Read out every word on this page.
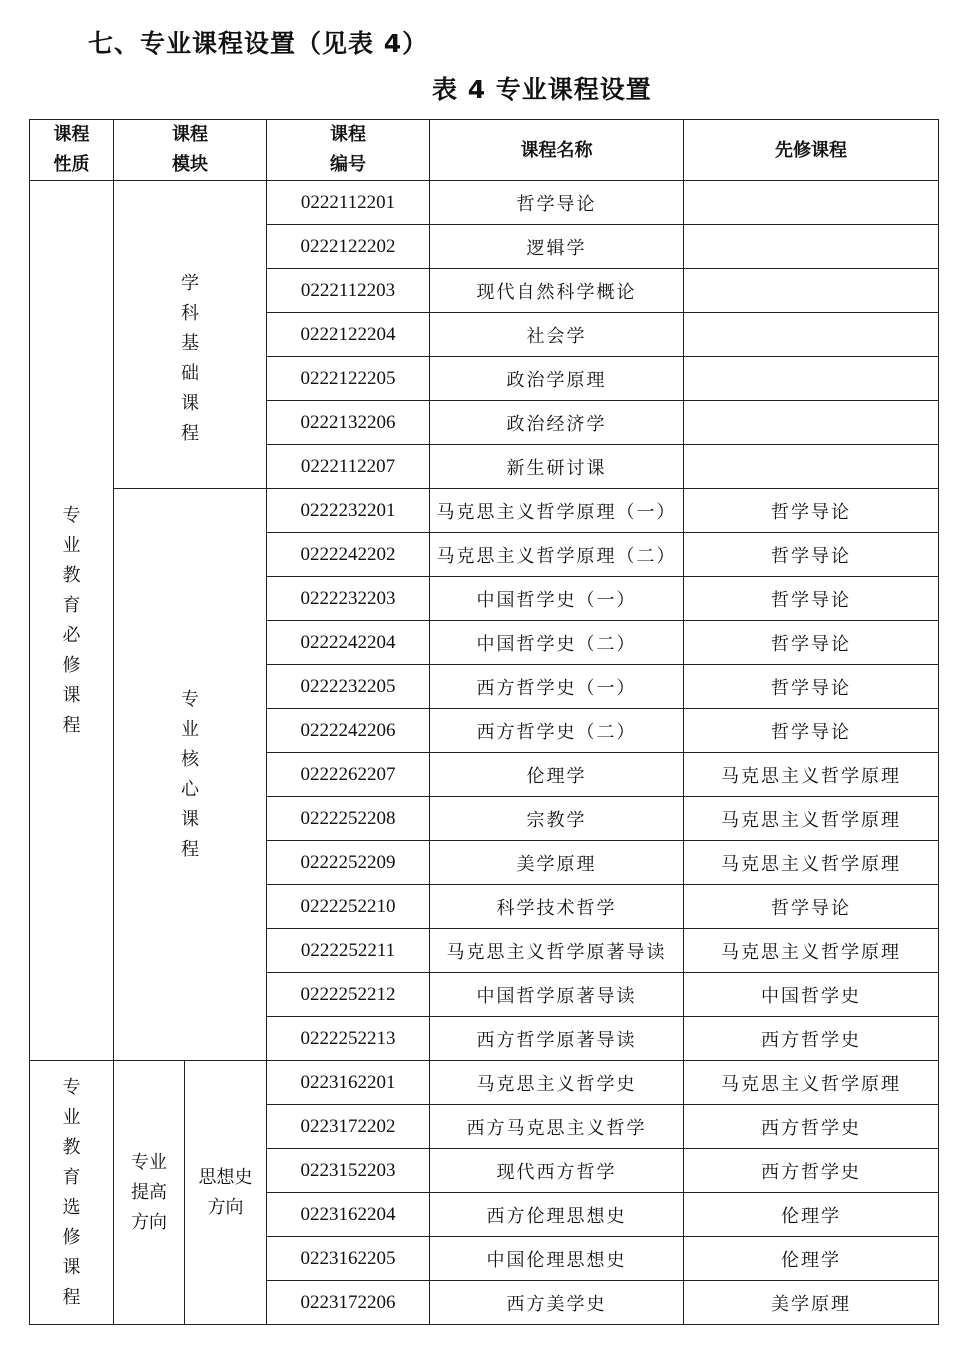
七、专业课程设置（见表 4）
表 4 专业课程设置
课程性质	课程模块		课程编号	课程名称	先修课程
专业教育必修课程	学科基础课程		0222112201	哲学导论	
			0222122202	逻辑学	
			0222112203	现代自然科学概论	
			0222122204	社会学	
			0222122205	政治学原理	
			0222132206	政治经济学	
			0222112207	新生研讨课	
	专业核心课程		0222232201	马克思主义哲学原理（一）	哲学导论
			0222242202	马克思主义哲学原理（二）	哲学导论
			0222232203	中国哲学史（一）	哲学导论
			0222242204	中国哲学史（二）	哲学导论
			0222232205	西方哲学史（一）	哲学导论
			0222242206	西方哲学史（二）	哲学导论
			0222262207	伦理学	马克思主义哲学原理
			0222252208	宗教学	马克思主义哲学原理
			0222252209	美学原理	马克思主义哲学原理
			0222252210	科学技术哲学	哲学导论
			0222252211	马克思主义哲学原著导读	马克思主义哲学原理
			0222252212	中国哲学原著导读	中国哲学史
			0222252213	西方哲学原著导读	西方哲学史
专业教育选修课程	专业提高方向	思想史方向	0223162201	马克思主义哲学史	马克思主义哲学原理
			0223172202	西方马克思主义哲学	西方哲学史
			0223152203	现代西方哲学	西方哲学史
			0223162204	西方伦理思想史	伦理学
			0223162205	中国伦理思想史	伦理学
			0223172206	西方美学史	美学原理
